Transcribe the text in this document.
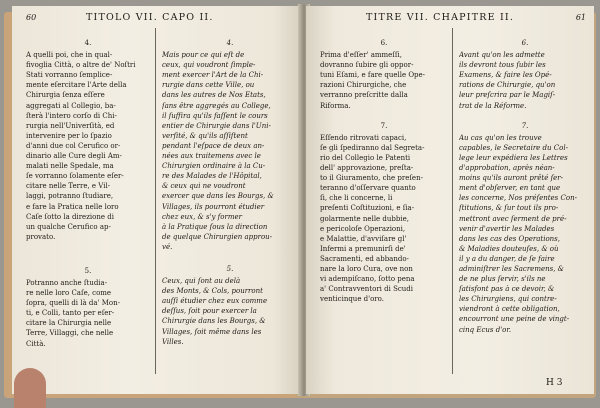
60	TITOLO VII. CAPO II.
4.
A quelli poi, che in qual-
fivoglia Città, o altre de' Noſtri
Stati vorranno ſemplice-
mente eſercitare l'Arte della
Chirurgia ſenza eſſere
aggregati al Collegio, ba-
ſterà l'intero corſo di Chi-
rurgia nell'Univerſità, ed
intervenire per lo ſpazio
d'anni due col Cerufico or-
dinario alle Cure degli Am-
malati nelle Spedale, ma
ſe vorranno ſolamente eſer-
citare nelle Terre, e Vil-
laggi, potranno ſtudiare,
e fare la Pratica nelle loro
Caſe ſotto la direzione di
un qualche Cerufico ap-
provato.
5.
Potranno anche ſtudia-
re nelle loro Caſe, come
ſopra, quelli di là da' Mon-
ti, e Colli, tanto per eſer-
citare la Chirurgia nelle
Terre, Villaggi, che nelle
Città.
4.
Mais pour ce qui eſt de
ceux, qui voudront ſimple-
ment exercer l'Art de la Chi-
rurgie dans cette Ville, ou
dans les autres de Nos Etats,
ſans être aggregés au College,
il ſuffira qu'ils faſſent le cours
entier de Chirurgie dans l'Uni-
verſité, & qu'ils aſſiſtent
pendant l'eſpace de deux an-
nées aux traitemens avec le
Chirurgien ordinaire à la Cu-
re des Malades de l'Hôpital,
& ceux qui ne voudront
exercer que dans les Bourgs, &
Villages, ils pourront étudier
chez eux, & s'y former
à la Pratique ſous la direction
de quelque Chirurgien approu-
vé.
5.
Ceux, qui ſont au delà
des Monts, & Cols, pourront
auſſi étudier chez eux comme
deſſus, ſoit pour exercer la
Chirurgie dans les Bourgs, &
Villages, ſoit même dans les
Villes.
TITRE VII. CHAPITRE II.	61
6.
Prima d'eſſer' ammeſſi,
dovranno ſubire gli oppor-
tuni Eſami, e fare quelle Ope-
razioni Chirurgiche, che
verranno preſcritte dalla
Riforma.
7.
Eſſendo ritrovati capaci,
ſe gli ſpediranno dal Segreta-
rio del Collegio le Patenti
dell' approvazione, preſta-
to il Giuramento, che preſen-
teranno d'oſſervare quanto
ſi, che li concerne, li
preſenti Coſtituzioni, e ſia-
golarmente nelle dubbie,
e pericoloſe Operazioni,
e Malattie, d'avviſare gl'
Infermi a premunirſi de'
Sacramenti, ed abbando-
nare la loro Cura, ove non
vi adempiſcano, ſotto pena
a' Contravventori di Scudi
venticinque d'oro.
6.
Avant qu'on les admette
ils devront tous ſubir les
Examens, & faire les Opé-
rations de Chirurgie, qu'on
leur preſcrira par le Magiſ-
trat de la Réforme.
7.
Au cas qu'on les trouve
capables, le Secretaire du Col-
lege leur expédiera les Lettres
d'approbation, après néan-
moins qu'ils auront prêté ſer-
ment d'obſerver, en tant que
les concerne, Nos préſentes Con-
ſtitutions, & ſur tout ils pro-
mettront avec ſerment de pré-
venir d'avertir les Malades
dans les cas des Operations,
& Maladies douteuſes, & où
il y a du danger, de ſe faire
adminiſtrer les Sacremens, &
de ne plus ſervir, s'ils ne
ſatisfont pas à ce devoir, &
les Chirurgiens, qui contre-
viendront à cette obligation,
encourront une peine de vingt-
cinq Ecus d'or.
H 3
